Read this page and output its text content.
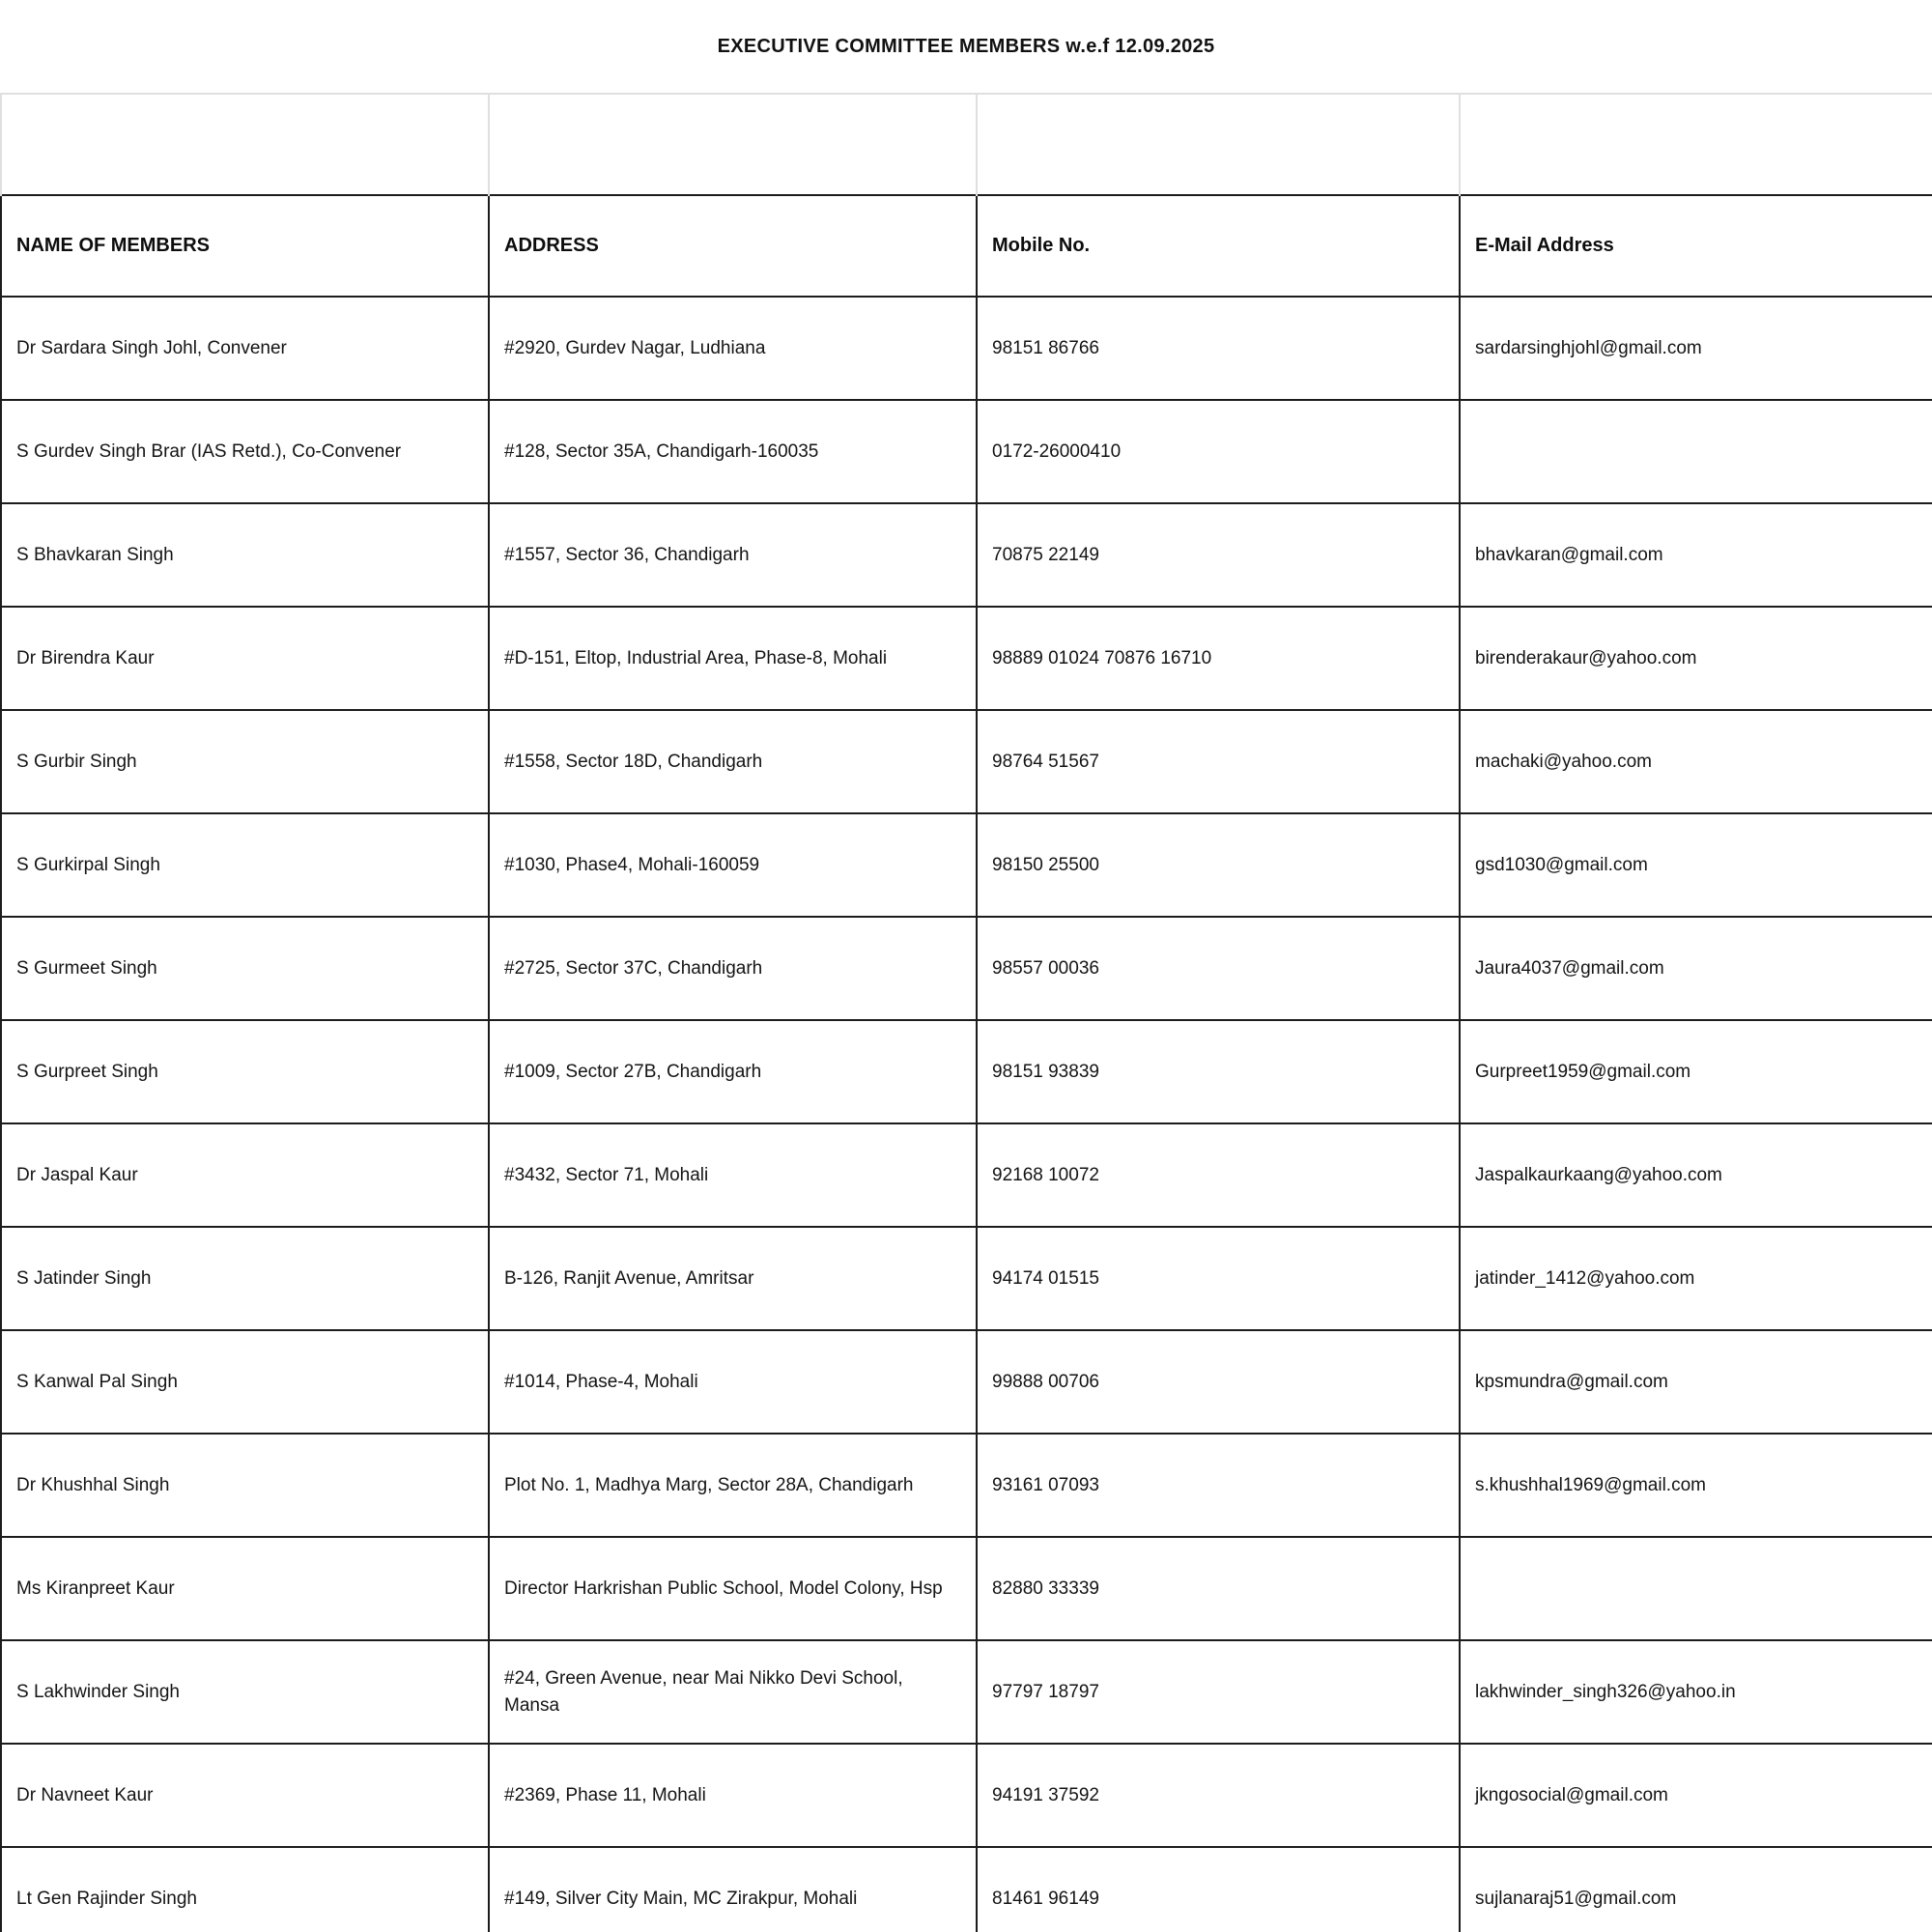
EXECUTIVE COMMITTEE MEMBERS w.e.f 12.09.2025

NAME OF MEMBERS	ADDRESS	Mobile No.	E-Mail Address
Dr Sardara Singh Johl, Convener	#2920, Gurdev Nagar, Ludhiana	98151 86766	sardarsinghjohl@gmail.com
S Gurdev Singh Brar (IAS Retd.), Co-Convener	#128, Sector 35A, Chandigarh-160035	0172-26000410	
S Bhavkaran Singh	#1557, Sector 36, Chandigarh	70875 22149	bhavkaran@gmail.com
Dr Birendra Kaur	#D-151, Eltop, Industrial Area, Phase-8, Mohali	98889 01024 70876 16710	birenderakaur@yahoo.com
S Gurbir Singh	#1558, Sector 18D, Chandigarh	98764 51567	machaki@yahoo.com
S Gurkirpal Singh	#1030, Phase4, Mohali-160059	98150 25500	gsd1030@gmail.com
S Gurmeet Singh	#2725, Sector 37C, Chandigarh	98557 00036	Jaura4037@gmail.com
S Gurpreet Singh	#1009, Sector 27B, Chandigarh	98151 93839	Gurpreet1959@gmail.com
Dr Jaspal Kaur	#3432, Sector 71, Mohali	92168 10072	Jaspalkaurkaang@yahoo.com
S Jatinder Singh	B-126, Ranjit Avenue, Amritsar	94174 01515	jatinder_1412@yahoo.com
S Kanwal Pal Singh	#1014, Phase-4, Mohali	99888 00706	kpsmundra@gmail.com
Dr Khushhal Singh	Plot No. 1, Madhya Marg, Sector 28A, Chandigarh	93161 07093	s.khushhal1969@gmail.com
Ms Kiranpreet Kaur	Director Harkrishan Public School, Model Colony, Hsp	82880 33339	
S Lakhwinder Singh	#24, Green Avenue, near Mai Nikko Devi School, Mansa	97797 18797	lakhwinder_singh326@yahoo.in
Dr Navneet Kaur	#2369, Phase 11, Mohali	94191 37592	jkngosocial@gmail.com
Lt Gen Rajinder Singh	#149, Silver City Main, MC Zirakpur, Mohali	81461 96149	sujlanaraj51@gmail.com
